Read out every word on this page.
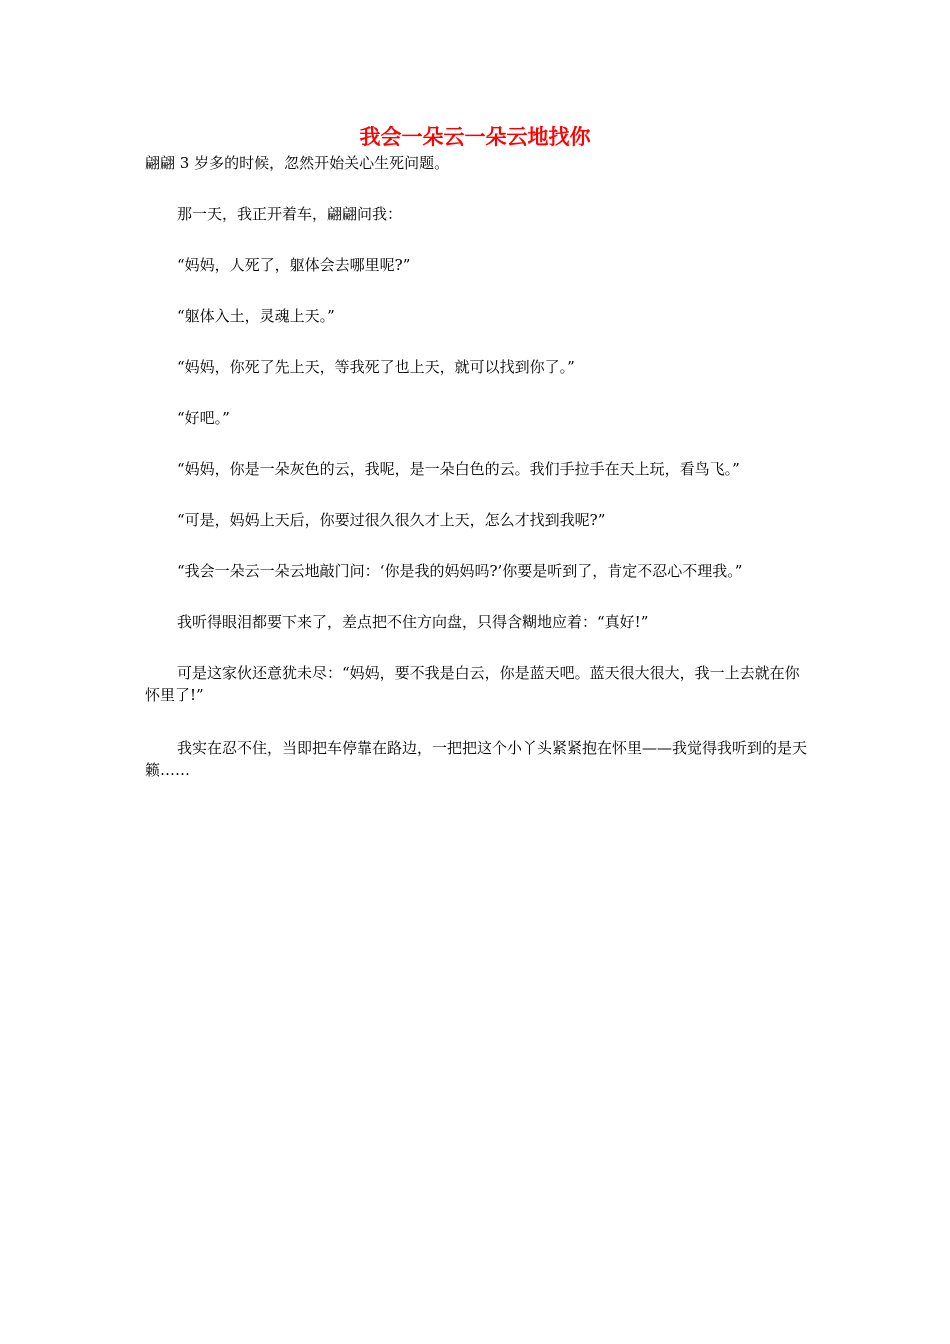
我会一朵云一朵云地找你

翩翩 3 岁多的时候，忽然开始关心生死问题。

那一天，我正开着车，翩翩问我：

“妈妈，人死了，躯体会去哪里呢?”

“躯体入土，灵魂上天。”

“妈妈，你死了先上天，等我死了也上天，就可以找到你了。”

“好吧。”

“妈妈，你是一朵灰色的云，我呢，是一朵白色的云。我们手拉手在天上玩，看鸟飞。”

“可是，妈妈上天后，你要过很久很久才上天，怎么才找到我呢?”

“我会一朵云一朵云地敲门问：‘你是我的妈妈吗?’你要是听到了，肯定不忍心不理我。”

我听得眼泪都要下来了，差点把不住方向盘，只得含糊地应着：“真好!”

可是这家伙还意犹未尽：“妈妈，要不我是白云，你是蓝天吧。蓝天很大很大，我一上去就在你怀里了!”

我实在忍不住，当即把车停靠在路边，一把把这个小丫头紧紧抱在怀里——我觉得我听到的是天籁……
